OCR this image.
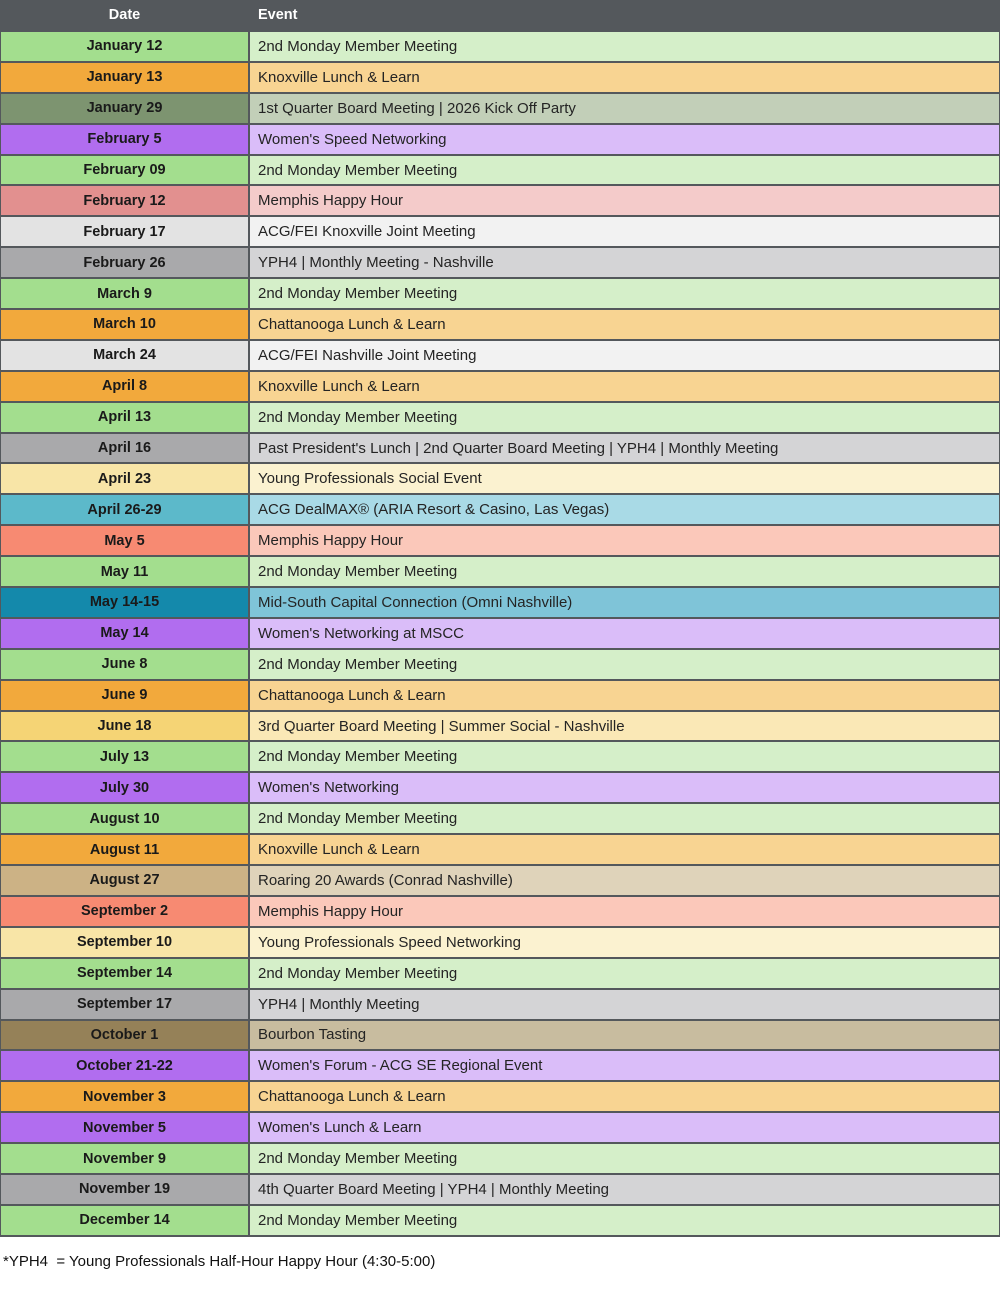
Date	Event
January 12	2nd Monday Member Meeting
January 13	Knoxville Lunch & Learn
January 29	1st Quarter Board Meeting | 2026 Kick Off Party
February 5	Women's Speed Networking
February 09	2nd Monday Member Meeting
February 12	Memphis Happy Hour
February 17	ACG/FEI Knoxville Joint Meeting
February 26	YPH4 | Monthly Meeting - Nashville
March 9	2nd Monday Member Meeting
March 10	Chattanooga Lunch & Learn
March 24	ACG/FEI Nashville Joint Meeting
April 8	Knoxville Lunch & Learn
April 13	2nd Monday Member Meeting
April 16	Past President's Lunch | 2nd Quarter Board Meeting | YPH4 | Monthly Meeting
April 23	Young Professionals Social Event
April 26-29	ACG DealMAX® (ARIA Resort & Casino, Las Vegas)
May 5	Memphis Happy Hour
May 11	2nd Monday Member Meeting
May 14-15	Mid-South Capital Connection (Omni Nashville)
May 14	Women's Networking at MSCC
June 8	2nd Monday Member Meeting
June 9	Chattanooga Lunch & Learn
June 18	3rd Quarter Board Meeting | Summer Social - Nashville
July 13	2nd Monday Member Meeting
July 30	Women's Networking
August 10	2nd Monday Member Meeting
August 11	Knoxville Lunch & Learn
August 27	Roaring 20 Awards (Conrad Nashville)
September 2	Memphis Happy Hour
September 10	Young Professionals Speed Networking
September 14	2nd Monday Member Meeting
September 17	YPH4 | Monthly Meeting
October 1	Bourbon Tasting
October 21-22	Women's Forum - ACG SE Regional Event
November 3	Chattanooga Lunch & Learn
November 5	Women's Lunch & Learn
November 9	2nd Monday Member Meeting
November 19	4th Quarter Board Meeting | YPH4 | Monthly Meeting
December 14	2nd Monday Member Meeting
*YPH4  = Young Professionals Half-Hour Happy Hour (4:30-5:00)
